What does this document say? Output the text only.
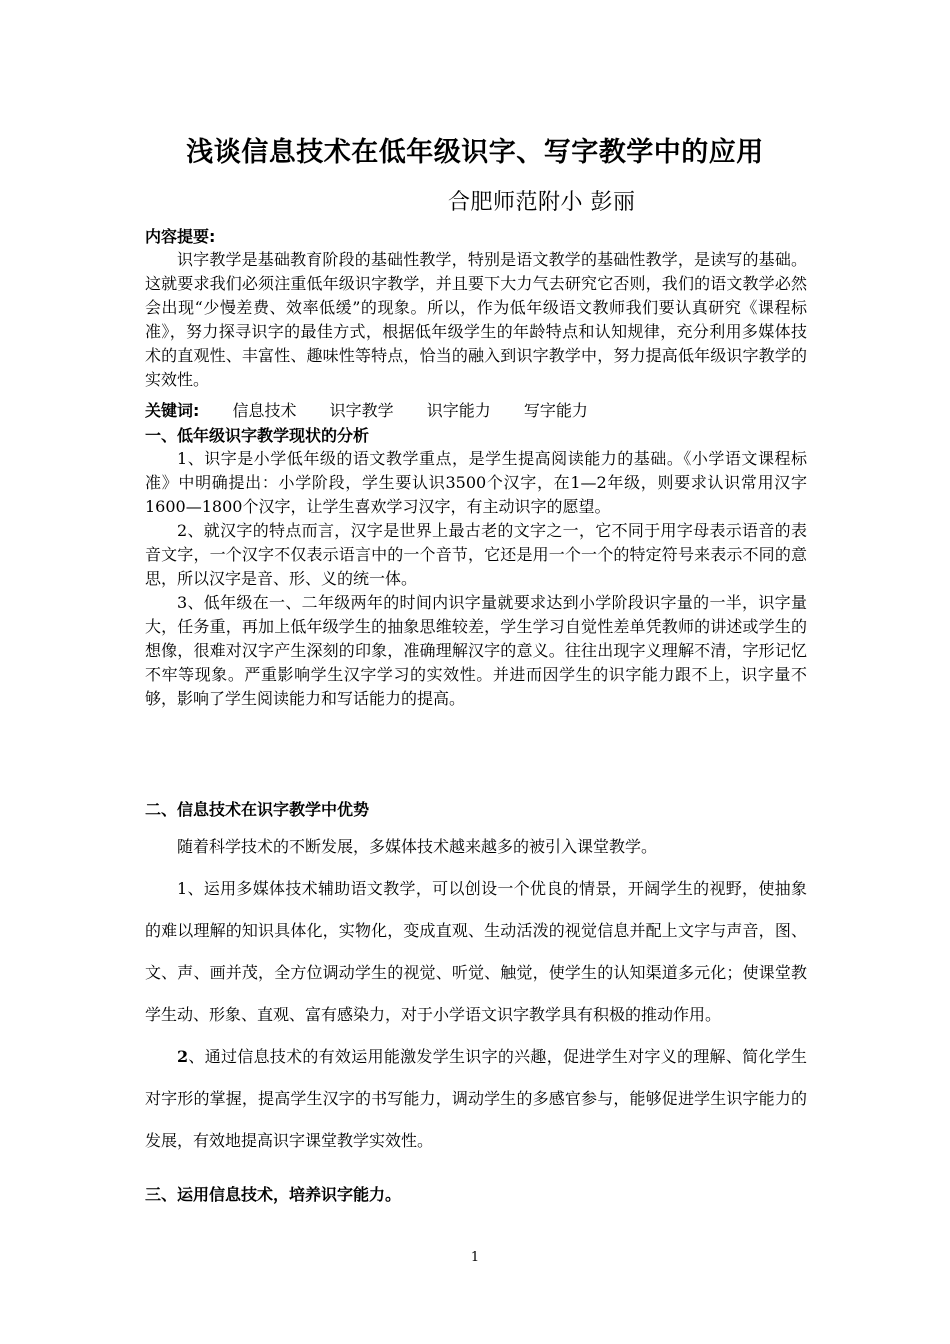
浅谈信息技术在低年级识字、写字教学中的应用
合肥师范附小 彭丽
内容提要:

识字教学是基础教育阶段的基础性教学，特别是语文教学的基础性教学，是读写的基础。这就要求我们必须注重低年级识字教学，并且要下大力气去研究它否则，我们的语文教学必然会出现“少慢差费、效率低缓”的现象。所以，作为低年级语文教师我们要认真研究《课程标准》，努力探寻识字的最佳方式，根据低年级学生的年龄特点和认知规律，充分利用多媒体技术的直观性、丰富性、趣味性等特点，恰当的融入到识字教学中，努力提高低年级识字教学的实效性。

关键词: 信息技术 识字教学 识字能力 写字能力
一、低年级识字教学现状的分析

1、识字是小学低年级的语文教学重点，是学生提高阅读能力的基础。《小学语文课程标准》中明确提出：小学阶段，学生要认识3500个汉字，在1—2年级，则要求认识常用汉字1600—1800个汉字，让学生喜欢学习汉字，有主动识字的愿望。

2、就汉字的特点而言，汉字是世界上最古老的文字之一，它不同于用字母表示语音的表音文字，一个汉字不仅表示语言中的一个音节，它还是用一个一个的特定符号来表示不同的意思，所以汉字是音、形、义的统一体。

3、低年级在一、二年级两年的时间内识字量就要求达到小学阶段识字量的一半，识字量大，任务重，再加上低年级学生的抽象思维较差，学生学习自觉性差单凭教师的讲述或学生的想像，很难对汉字产生深刻的印象，准确理解汉字的意义。往往出现字义理解不清，字形记忆不牢等现象。严重影响学生汉字学习的实效性。并进而因学生的识字能力跟不上，识字量不够，影响了学生阅读能力和写话能力的提高。

二、信息技术在识字教学中优势

随着科学技术的不断发展，多媒体技术越来越多的被引入课堂教学。

1、运用多媒体技术辅助语文教学，可以创设一个优良的情景，开阔学生的视野，使抽象的难以理解的知识具体化，实物化，变成直观、生动活泼的视觉信息并配上文字与声音，图、文、声、画并茂，全方位调动学生的视觉、听觉、触觉，使学生的认知渠道多元化；使课堂教学生动、形象、直观、富有感染力，对于小学语文识字教学具有积极的推动作用。

2、通过信息技术的有效运用能激发学生识字的兴趣，促进学生对字义的理解、简化学生对字形的掌握，提高学生汉字的书写能力，调动学生的多感官参与，能够促进学生识字能力的发展，有效地提高识字课堂教学实效性。

三、运用信息技术，培养识字能力。
1
